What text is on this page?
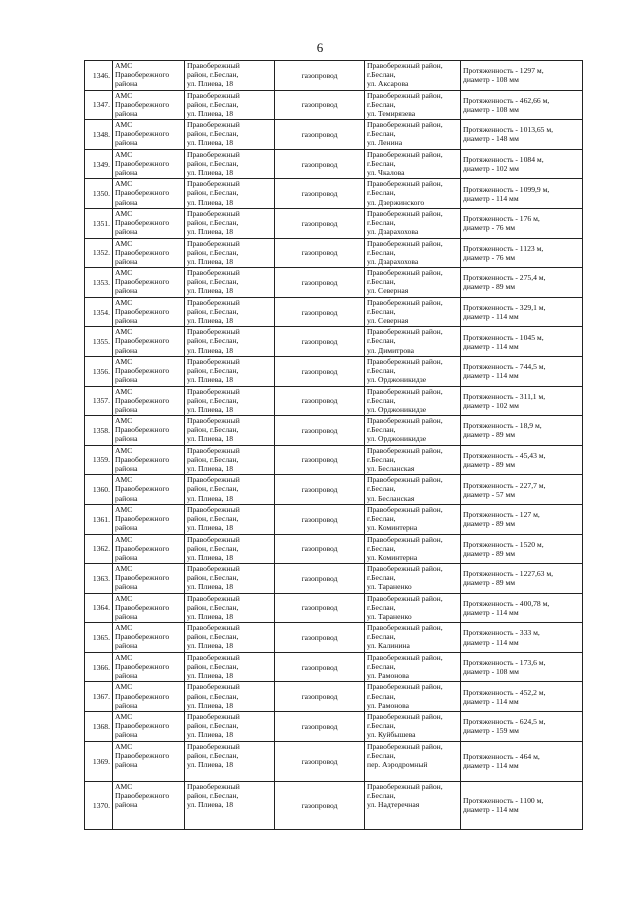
6
1346.	АМС
Правобережного
района	Правобережный
район, г.Беслан,
ул. Плиева, 18	газопровод	Правобережный район,
г.Беслан,
ул. Аксарова	Протяженность - 1297 м,
диаметр - 108 мм

1347.	АМС
Правобережного
района	Правобережный
район, г.Беслан,
ул. Плиева, 18	газопровод	Правобережный район,
г.Беслан,
ул. Темирязева	Протяженность - 462,66 м,
диаметр - 108 мм

1348.	АМС
Правобережного
района	Правобережный
район, г.Беслан,
ул. Плиева, 18	газопровод	Правобережный район,
г.Беслан,
ул. Ленина	Протяженность - 1013,65 м,
диаметр - 148 мм

1349.	АМС
Правобережного
района	Правобережный
район, г.Беслан,
ул. Плиева, 18	газопровод	Правобережный район,
г.Беслан,
ул. Чкалова	Протяженность - 1084 м,
диаметр - 102 мм

1350.	АМС
Правобережного
района	Правобережный
район, г.Беслан,
ул. Плиева, 18	газопровод	Правобережный район,
г.Беслан,
ул. Дзержинского	Протяженность - 1099,9 м,
диаметр - 114 мм

1351.	АМС
Правобережного
района	Правобережный
район, г.Беслан,
ул. Плиева, 18	газопровод	Правобережный район,
г.Беслан,
ул. Дзарахохова	Протяженность - 176 м,
диаметр - 76 мм

1352.	АМС
Правобережного
района	Правобережный
район, г.Беслан,
ул. Плиева, 18	газопровод	Правобережный район,
г.Беслан,
ул. Дзарахохова	Протяженность - 1123 м,
диаметр - 76 мм

1353.	АМС
Правобережного
района	Правобережный
район, г.Беслан,
ул. Плиева, 18	газопровод	Правобережный район,
г.Беслан,
ул. Северная	Протяженность - 275,4 м,
диаметр - 89 мм

1354.	АМС
Правобережного
района	Правобережный
район, г.Беслан,
ул. Плиева, 18	газопровод	Правобережный район,
г.Беслан,
ул. Северная	Протяженность - 329,1 м,
диаметр - 114 мм

1355.	АМС
Правобережного
района	Правобережный
район, г.Беслан,
ул. Плиева, 18	газопровод	Правобережный район,
г.Беслан,
ул. Димитрова	Протяженность - 1045 м,
диаметр - 114 мм

1356.	АМС
Правобережного
района	Правобережный
район, г.Беслан,
ул. Плиева, 18	газопровод	Правобережный район,
г.Беслан,
ул. Орджоникидзе	Протяженность - 744,5 м,
диаметр - 114 мм

1357.	АМС
Правобережного
района	Правобережный
район, г.Беслан,
ул. Плиева, 18	газопровод	Правобережный район,
г.Беслан,
ул. Орджоникидзе	Протяженность - 311,1 м,
диаметр - 102 мм

1358.	АМС
Правобережного
района	Правобережный
район, г.Беслан,
ул. Плиева, 18	газопровод	Правобережный район,
г.Беслан,
ул. Орджоникидзе	Протяженность - 18,9 м,
диаметр - 89 мм

1359.	АМС
Правобережного
района	Правобережный
район, г.Беслан,
ул. Плиева, 18	газопровод	Правобережный район,
г.Беслан,
ул. Бесланская	Протяженность - 45,43 м,
диаметр - 89 мм

1360.	АМС
Правобережного
района	Правобережный
район, г.Беслан,
ул. Плиева, 18	газопровод	Правобережный район,
г.Беслан,
ул. Бесланская	Протяженность - 227,7 м,
диаметр - 57 мм

1361.	АМС
Правобережного
района	Правобережный
район, г.Беслан,
ул. Плиева, 18	газопровод	Правобережный район,
г.Беслан,
ул. Коминтерна	Протяженность - 127 м,
диаметр - 89 мм

1362.	АМС
Правобережного
района	Правобережный
район, г.Беслан,
ул. Плиева, 18	газопровод	Правобережный район,
г.Беслан,
ул. Коминтерна	Протяженность - 1520 м,
диаметр - 89 мм

1363.	АМС
Правобережного
района	Правобережный
район, г.Беслан,
ул. Плиева, 18	газопровод	Правобережный район,
г.Беслан,
ул. Тараненко	Протяженность - 1227,63 м,
диаметр - 89 мм

1364.	АМС
Правобережного
района	Правобережный
район, г.Беслан,
ул. Плиева, 18	газопровод	Правобережный район,
г.Беслан,
ул. Тараненко	Протяженность - 400,78 м,
диаметр - 114 мм

1365.	АМС
Правобережного
района	Правобережный
район, г.Беслан,
ул. Плиева, 18	газопровод	Правобережный район,
г.Беслан,
ул. Калинина	Протяженность - 333 м,
диаметр - 114 мм

1366.	АМС
Правобережного
района	Правобережный
район, г.Беслан,
ул. Плиева, 18	газопровод	Правобережный район,
г.Беслан,
ул. Рамонова	Протяженность - 173,6 м,
диаметр - 108 мм

1367.	АМС
Правобережного
района	Правобережный
район, г.Беслан,
ул. Плиева, 18	газопровод	Правобережный район,
г.Беслан,
ул. Рамонова	Протяженность - 452,2 м,
диаметр - 114 мм

1368.	АМС
Правобережного
района	Правобережный
район, г.Беслан,
ул. Плиева, 18	газопровод	Правобережный район,
г.Беслан,
ул. Куйбышева	Протяженность - 624,5 м,
диаметр - 159 мм

1369.	АМС
Правобережного
района	Правобережный
район, г.Беслан,
ул. Плиева, 18	газопровод	Правобережный район,
г.Беслан,
пер. Аэродромный	Протяженность - 464 м,
диаметр - 114 мм

1370.	АМС
Правобережного
района	Правобережный
район, г.Беслан,
ул. Плиева, 18	газопровод	Правобережный район,
г.Беслан,
ул. Надтеречная	Протяженность - 1100 м,
диаметр - 114 мм
